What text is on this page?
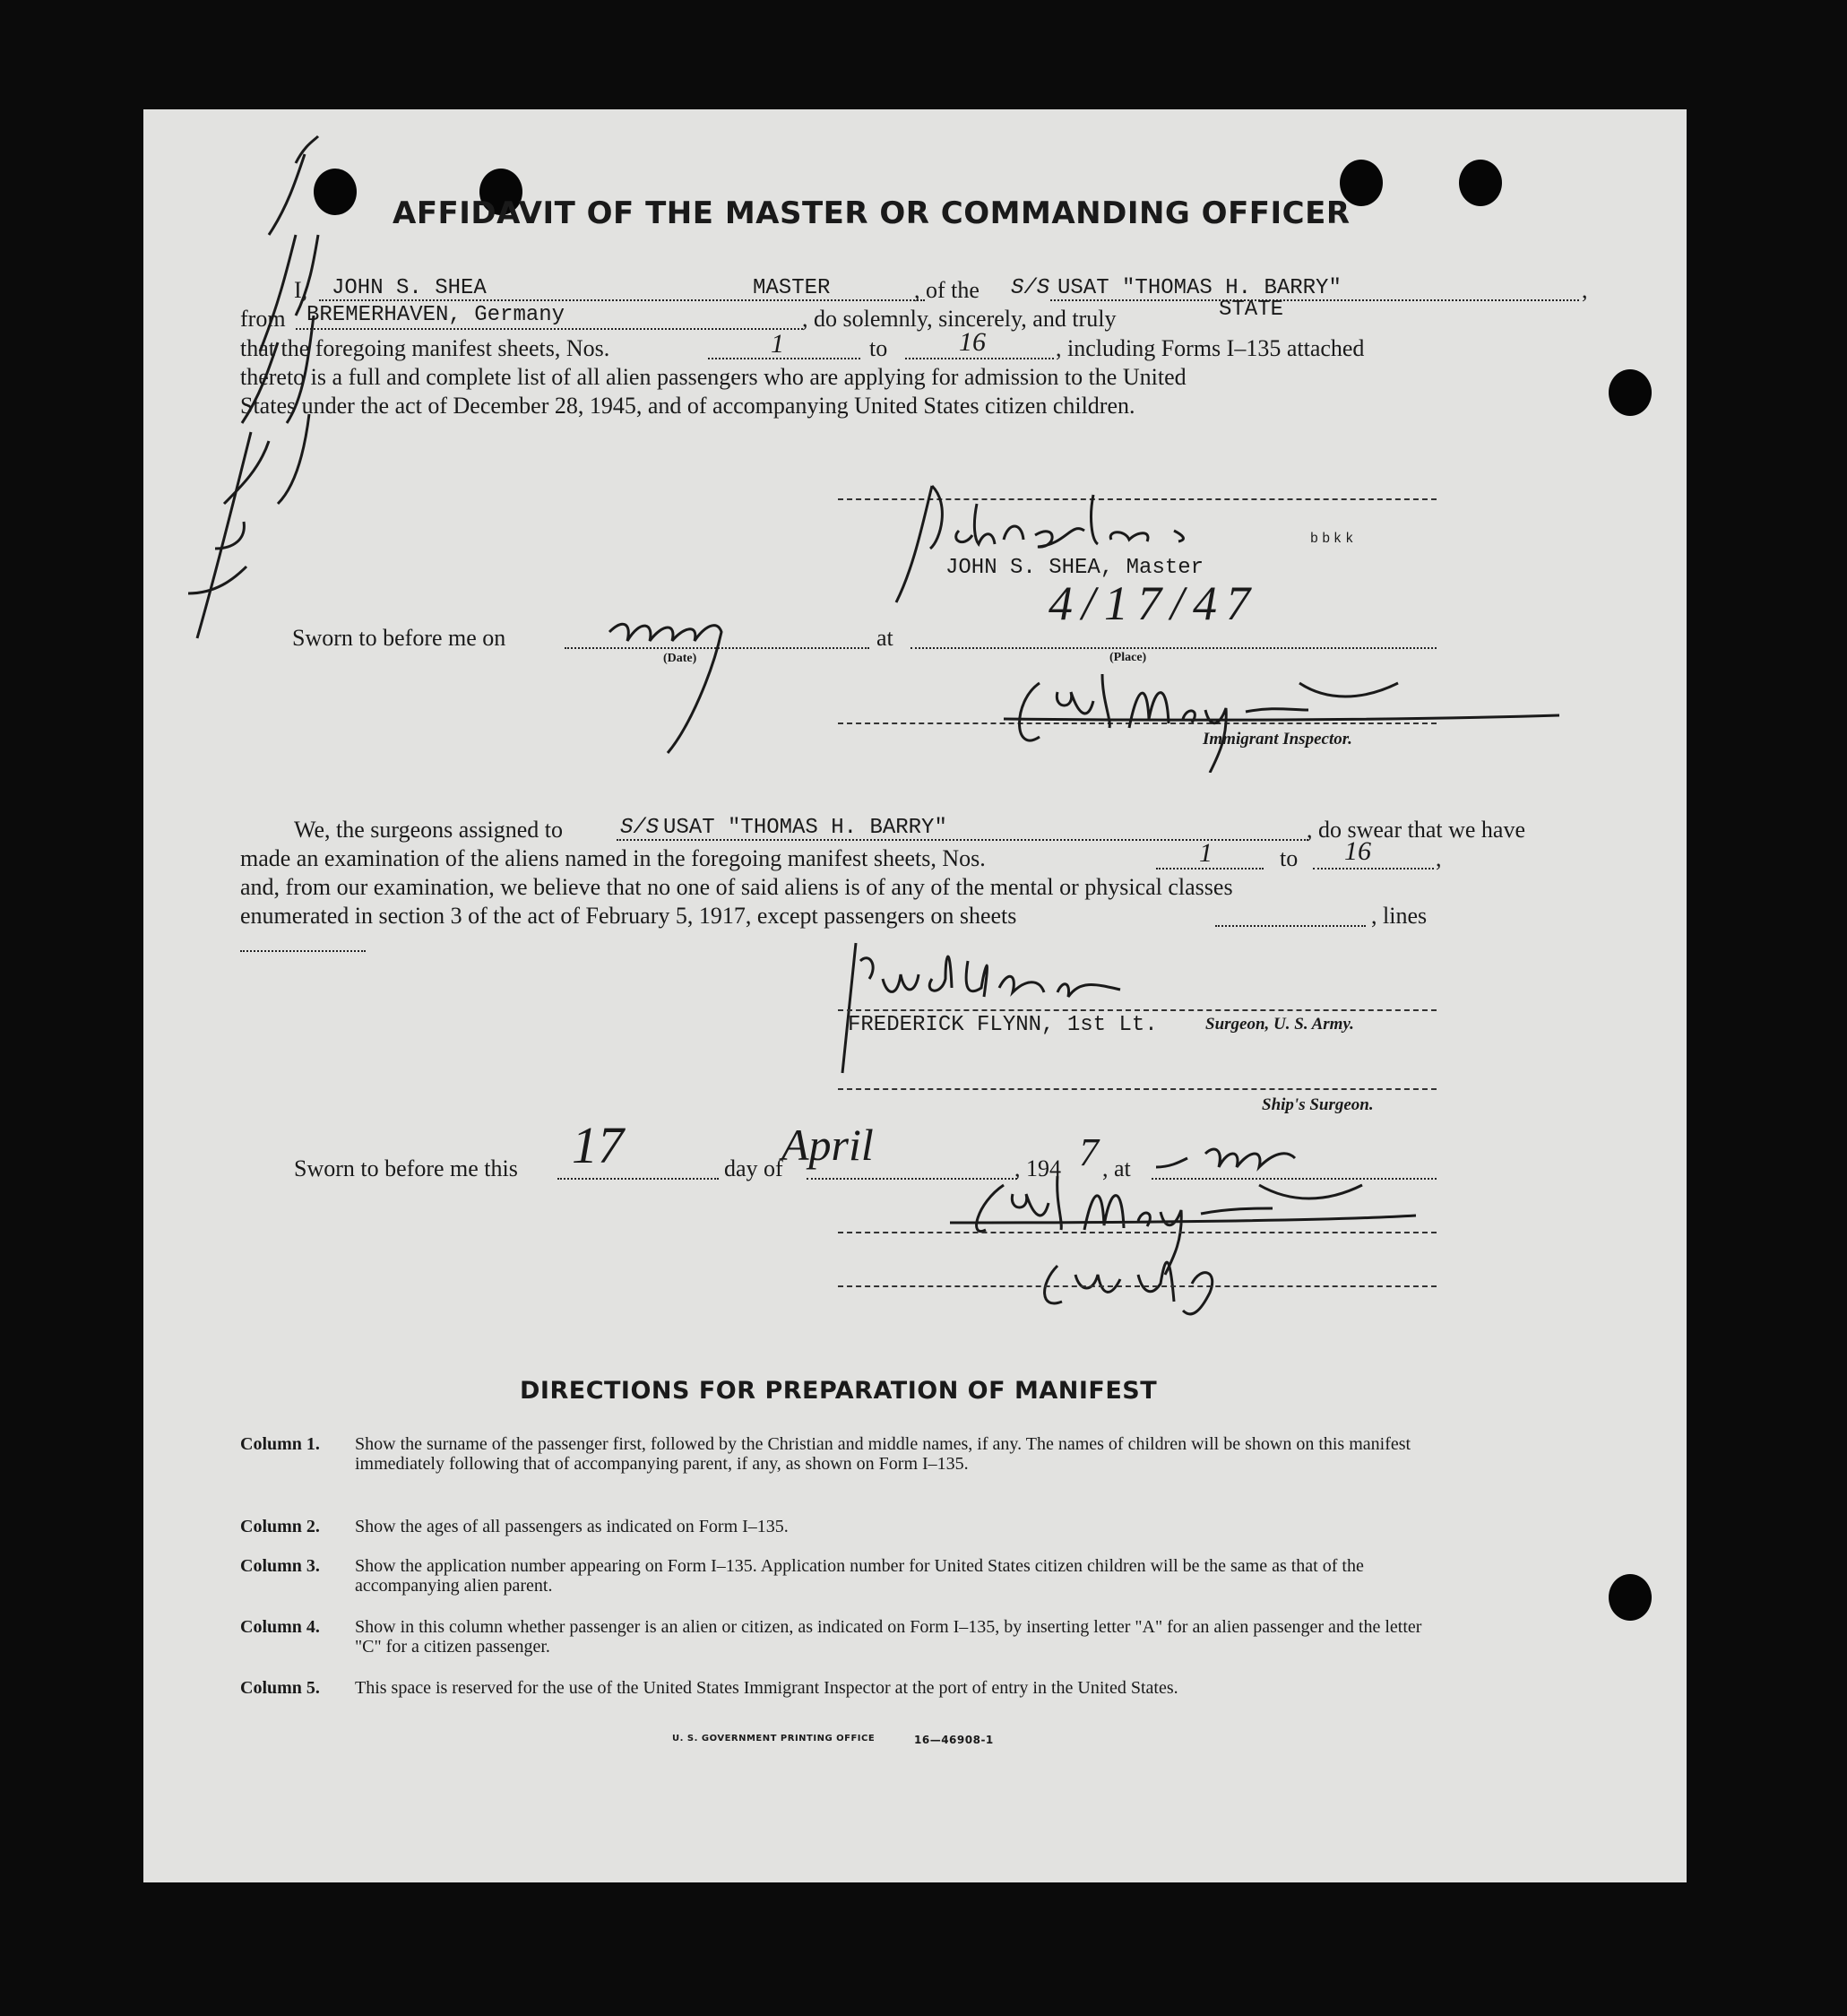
AFFIDAVIT OF THE MASTER OR COMMANDING OFFICER
I, JOHN S. SHEA	MASTER	, of the S/S USAT "THOMAS H. BARRY"	,
from BREMERHAVEN, Germany	, do solemnly, sincerely, and truly	STATE
that the foregoing manifest sheets, Nos.	1	to	16	, including Forms I–135 attached
thereto is a full and complete list of all alien passengers who are applying for admission to the United
States under the act of December 28, 1945, and of accompanying United States citizen children.
JOHN S. SHEA, Master
ᵇᵇᵏᵏ
Sworn to before me on
(Date)
at
4/17/47
(Place)
Immigrant Inspector.
We, the surgeons assigned to	S/S USAT "THOMAS H. BARRY"	, do swear that we have
made an examination of the aliens named in the foregoing manifest sheets, Nos.	1	to 16	,
and, from our examination, we believe that no one of said aliens is of any of the mental or physical classes
enumerated in section 3 of the act of February 5, 1917, except passengers on sheets	, lines
FREDERICK FLYNN, 1st Lt.	Surgeon, U. S. Army.
Ship's Surgeon.
Sworn to before me this 17	day of
April	, 194 7 , at
DIRECTIONS FOR PREPARATION OF MANIFEST
Column 1. Show the surname of the passenger first, followed by the Christian and middle names, if any. The names of children will be shown on this manifest immediately following that of accompanying parent, if any, as shown on Form I–135.
Column 2. Show the ages of all passengers as indicated on Form I–135.
Column 3. Show the application number appearing on Form I–135. Application number for United States citizen children will be the same as that of the accompanying alien parent.
Column 4. Show in this column whether passenger is an alien or citizen, as indicated on Form I–135, by inserting letter "A" for an alien passenger and the letter "C" for a citizen passenger.
Column 5. This space is reserved for the use of the United States Immigrant Inspector at the port of entry in the United States.
U. S. GOVERNMENT PRINTING OFFICE	16—46908-1
